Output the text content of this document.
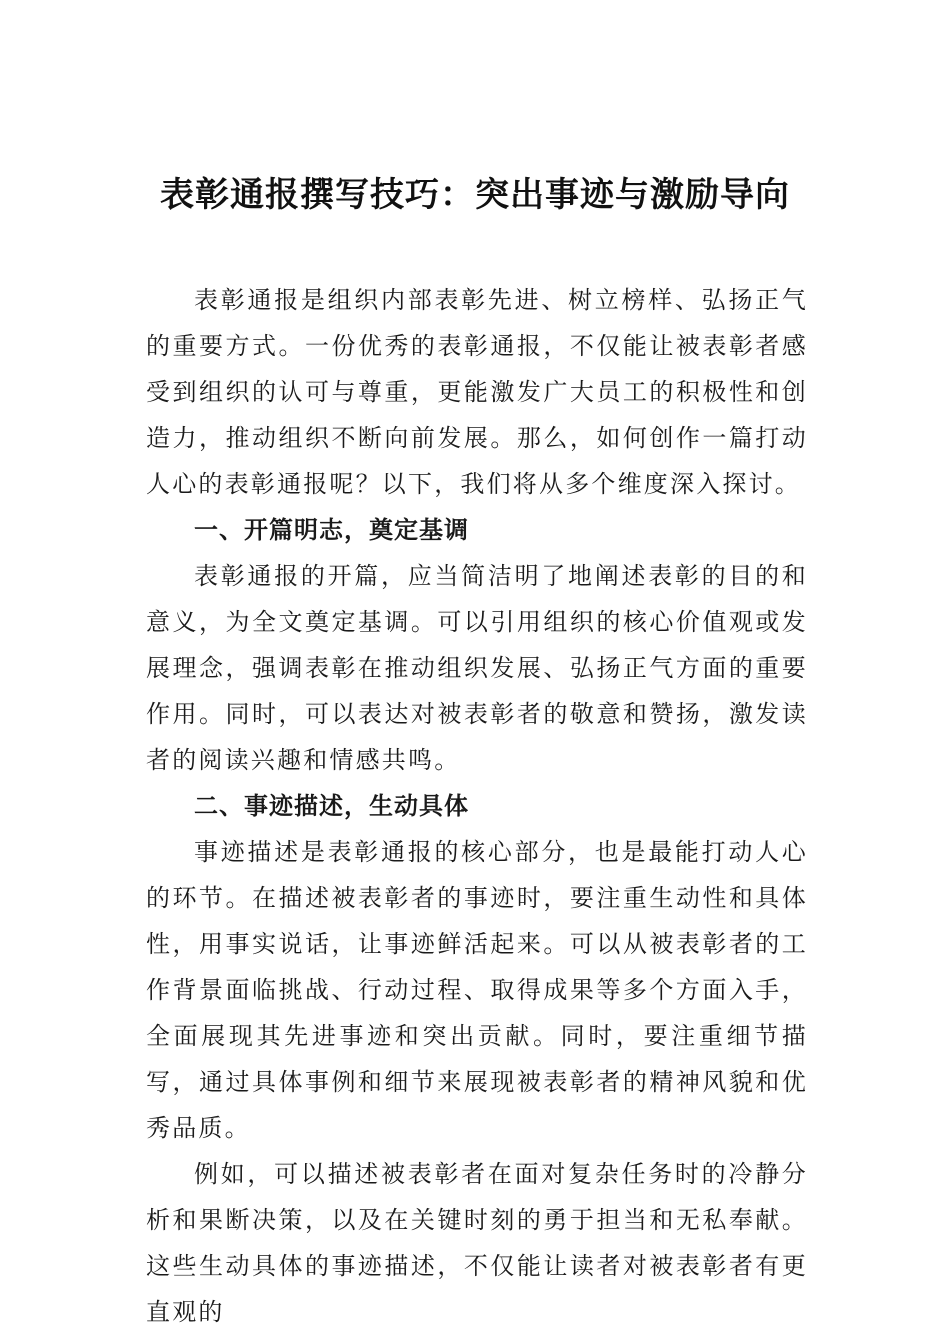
表彰通报撰写技巧：突出事迹与激励导向

表彰通报是组织内部表彰先进、树立榜样、弘扬正气的重要方式。一份优秀的表彰通报，不仅能让被表彰者感受到组织的认可与尊重，更能激发广大员工的积极性和创造力，推动组织不断向前发展。那么，如何创作一篇打动人心的表彰通报呢？以下，我们将从多个维度深入探讨。

一、开篇明志，奠定基调

表彰通报的开篇，应当简洁明了地阐述表彰的目的和意义，为全文奠定基调。可以引用组织的核心价值观或发展理念，强调表彰在推动组织发展、弘扬正气方面的重要作用。同时，可以表达对被表彰者的敬意和赞扬，激发读者的阅读兴趣和情感共鸣。

二、事迹描述，生动具体

事迹描述是表彰通报的核心部分，也是最能打动人心的环节。在描述被表彰者的事迹时，要注重生动性和具体性，用事实说话，让事迹鲜活起来。可以从被表彰者的工作背景面临挑战、行动过程、取得成果等多个方面入手，全面展现其先进事迹和突出贡献。同时，要注重细节描写，通过具体事例和细节来展现被表彰者的精神风貌和优秀品质。

例如，可以描述被表彰者在面对复杂任务时的冷静分析和果断决策，以及在关键时刻的勇于担当和无私奉献。这些生动具体的事迹描述，不仅能让读者对被表彰者有更直观的
